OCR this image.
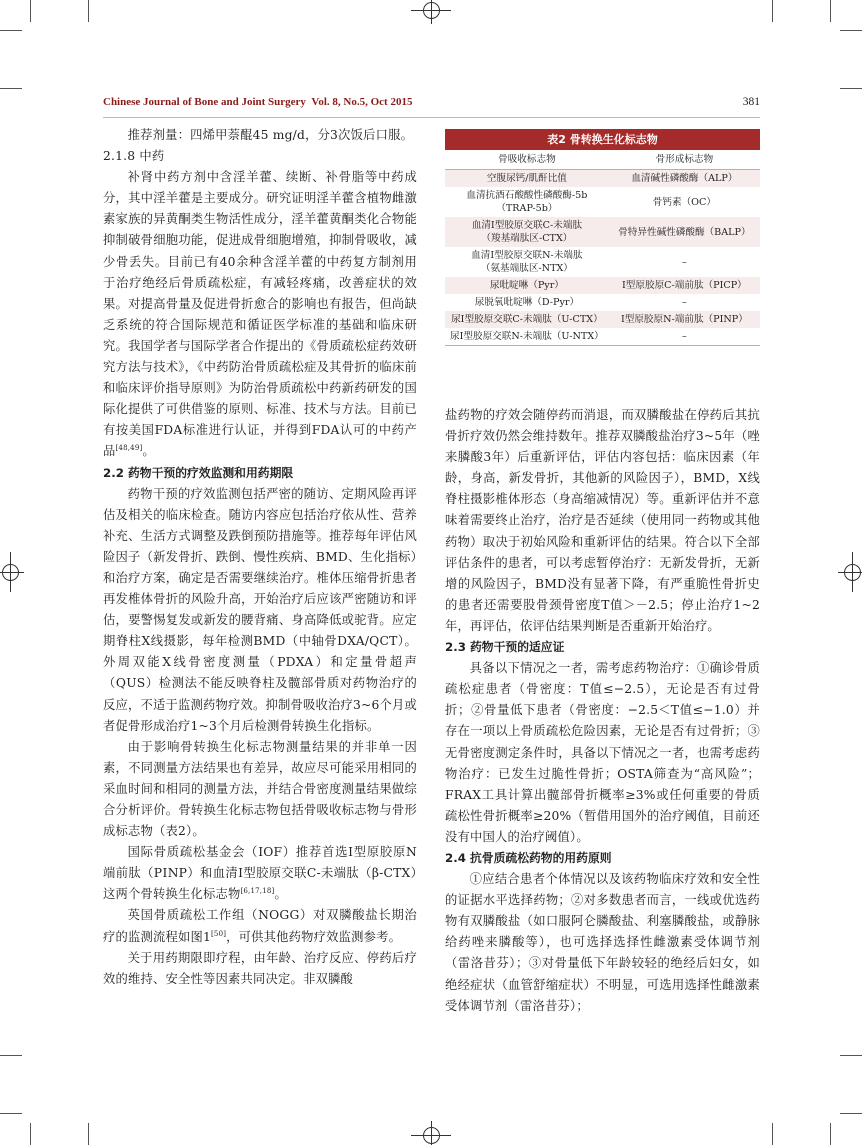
Chinese Journal of Bone and Joint Surgery Vol. 8, No.5, Oct 2015	381

推荐剂量：四烯甲萘醌45 mg/d，分3次饭后口服。

2.1.8 中药

补肾中药方剂中含淫羊藿、续断、补骨脂等中药成分，其中淫羊藿是主要成分。研究证明淫羊藿含植物雌激素家族的异黄酮类生物活性成分，淫羊藿黄酮类化合物能抑制破骨细胞功能，促进成骨细胞增殖，抑制骨吸收，减少骨丢失。目前已有40余种含淫羊藿的中药复方制剂用于治疗绝经后骨质疏松症，有减轻疼痛，改善症状的效果。对提高骨量及促进骨折愈合的影响也有报告，但尚缺乏系统的符合国际规范和循证医学标准的基础和临床研究。我国学者与国际学者合作提出的《骨质疏松症药效研究方法与技术》，《中药防治骨质疏松症及其骨折的临床前和临床评价指导原则》为防治骨质疏松中药新药研发的国际化提供了可供借鉴的原则、标准、技术与方法。目前已有按美国FDA标准进行认证，并得到FDA认可的中药产品[48,49]。

2.2 药物干预的疗效监测和用药期限

药物干预的疗效监测包括严密的随访、定期风险再评估及相关的临床检查。随访内容应包括治疗依从性、营养补充、生活方式调整及跌倒预防措施等。推荐每年评估风险因子（新发骨折、跌倒、慢性疾病、BMD、生化指标）和治疗方案，确定是否需要继续治疗。椎体压缩骨折患者再发椎体骨折的风险升高，开始治疗后应该严密随访和评估，要警惕复发或新发的腰背痛、身高降低或驼背。应定期脊柱X线摄影，每年检测BMD（中轴骨DXA/QCT）。外周双能X线骨密度测量（PDXA）和定量骨超声（QUS）检测法不能反映脊柱及髋部骨质对药物治疗的反应，不适于监测药物疗效。抑制骨吸收治疗3~6个月或者促骨形成治疗1~3个月后检测骨转换生化指标。

由于影响骨转换生化标志物测量结果的并非单一因素，不同测量方法结果也有差异，故应尽可能采用相同的采血时间和相同的测量方法，并结合骨密度测量结果做综合分析评价。骨转换生化标志物包括骨吸收标志物与骨形成标志物（表2）。

国际骨质疏松基金会（IOF）推荐首选Ⅰ型原胶原N端前肽（PⅠNP）和血清Ⅰ型胶原交联C-未端肽（β-CTX）这两个骨转换生化标志物[6,17,18]。

英国骨质疏松工作组（NOGG）对双膦酸盐长期治疗的监测流程如图1[50]，可供其他药物疗效监测参考。

关于用药期限即疗程，由年龄、治疗反应、停药后疗效的维持、安全性等因素共同决定。非双膦酸

表2 骨转换生化标志物
骨吸收标志物	骨形成标志物
空腹尿钙/肌酐比值	血清碱性磷酸酶（ALP）
血清抗酒石酸酸性磷酸酶-5b
（TRAP-5b）	骨钙素（OC）
血清Ⅰ型胶原交联C-未端肽
（羧基端肽区-CTX）	骨特异性碱性磷酸酶（BALP）
血清Ⅰ型胶原交联N-未端肽
（氨基端肽区-NTX）	–
尿吡啶啉（Pyr）	Ⅰ型原胶原C-端前肽（PⅠCP）
尿脱氧吡啶啉（D-Pyr）	–
尿Ⅰ型胶原交联C-未端肽（U-CTX）	Ⅰ型原胶原N-端前肽（PⅠNP）
尿Ⅰ型胶原交联N-未端肽（U-NTX）	–

盐药物的疗效会随停药而消退，而双膦酸盐在停药后其抗骨折疗效仍然会维持数年。推荐双膦酸盐治疗3~5年（唑来膦酸3年）后重新评估，评估内容包括：临床因素（年龄，身高，新发骨折，其他新的风险因子），BMD，X线脊柱摄影椎体形态（身高缩减情况）等。重新评估并不意味着需要终止治疗，治疗是否延续（使用同一药物或其他药物）取决于初始风险和重新评估的结果。符合以下全部评估条件的患者，可以考虑暂停治疗：无新发骨折，无新增的风险因子，BMD没有显著下降，有严重脆性骨折史的患者还需要股骨颈骨密度T值＞－2.5；停止治疗1~2年，再评估，依评估结果判断是否重新开始治疗。

2.3 药物干预的适应证

具备以下情况之一者，需考虑药物治疗：①确诊骨质疏松症患者（骨密度：T值≤−2.5），无论是否有过骨折；②骨量低下患者（骨密度：−2.5＜T值≤−1.0）并存在一项以上骨质疏松危险因素，无论是否有过骨折；③无骨密度测定条件时，具备以下情况之一者，也需考虑药物治疗：已发生过脆性骨折；OSTA筛查为“高风险”；FRAX工具计算出髋部骨折概率≥3%或任何重要的骨质疏松性骨折概率≥20%（暂借用国外的治疗阈值，目前还没有中国人的治疗阈值）。

2.4 抗骨质疏松药物的用药原则

①应结合患者个体情况以及该药物临床疗效和安全性的证据水平选择药物；②对多数患者而言，一线或优选药物有双膦酸盐（如口服阿仑膦酸盐、利塞膦酸盐，或静脉给药唑来膦酸等），也可选择选择性雌激素受体调节剂（雷洛昔芬）；③对骨量低下年龄较轻的绝经后妇女，如绝经症状（血管舒缩症状）不明显，可选用选择性雌激素受体调节剂（雷洛昔芬）；
